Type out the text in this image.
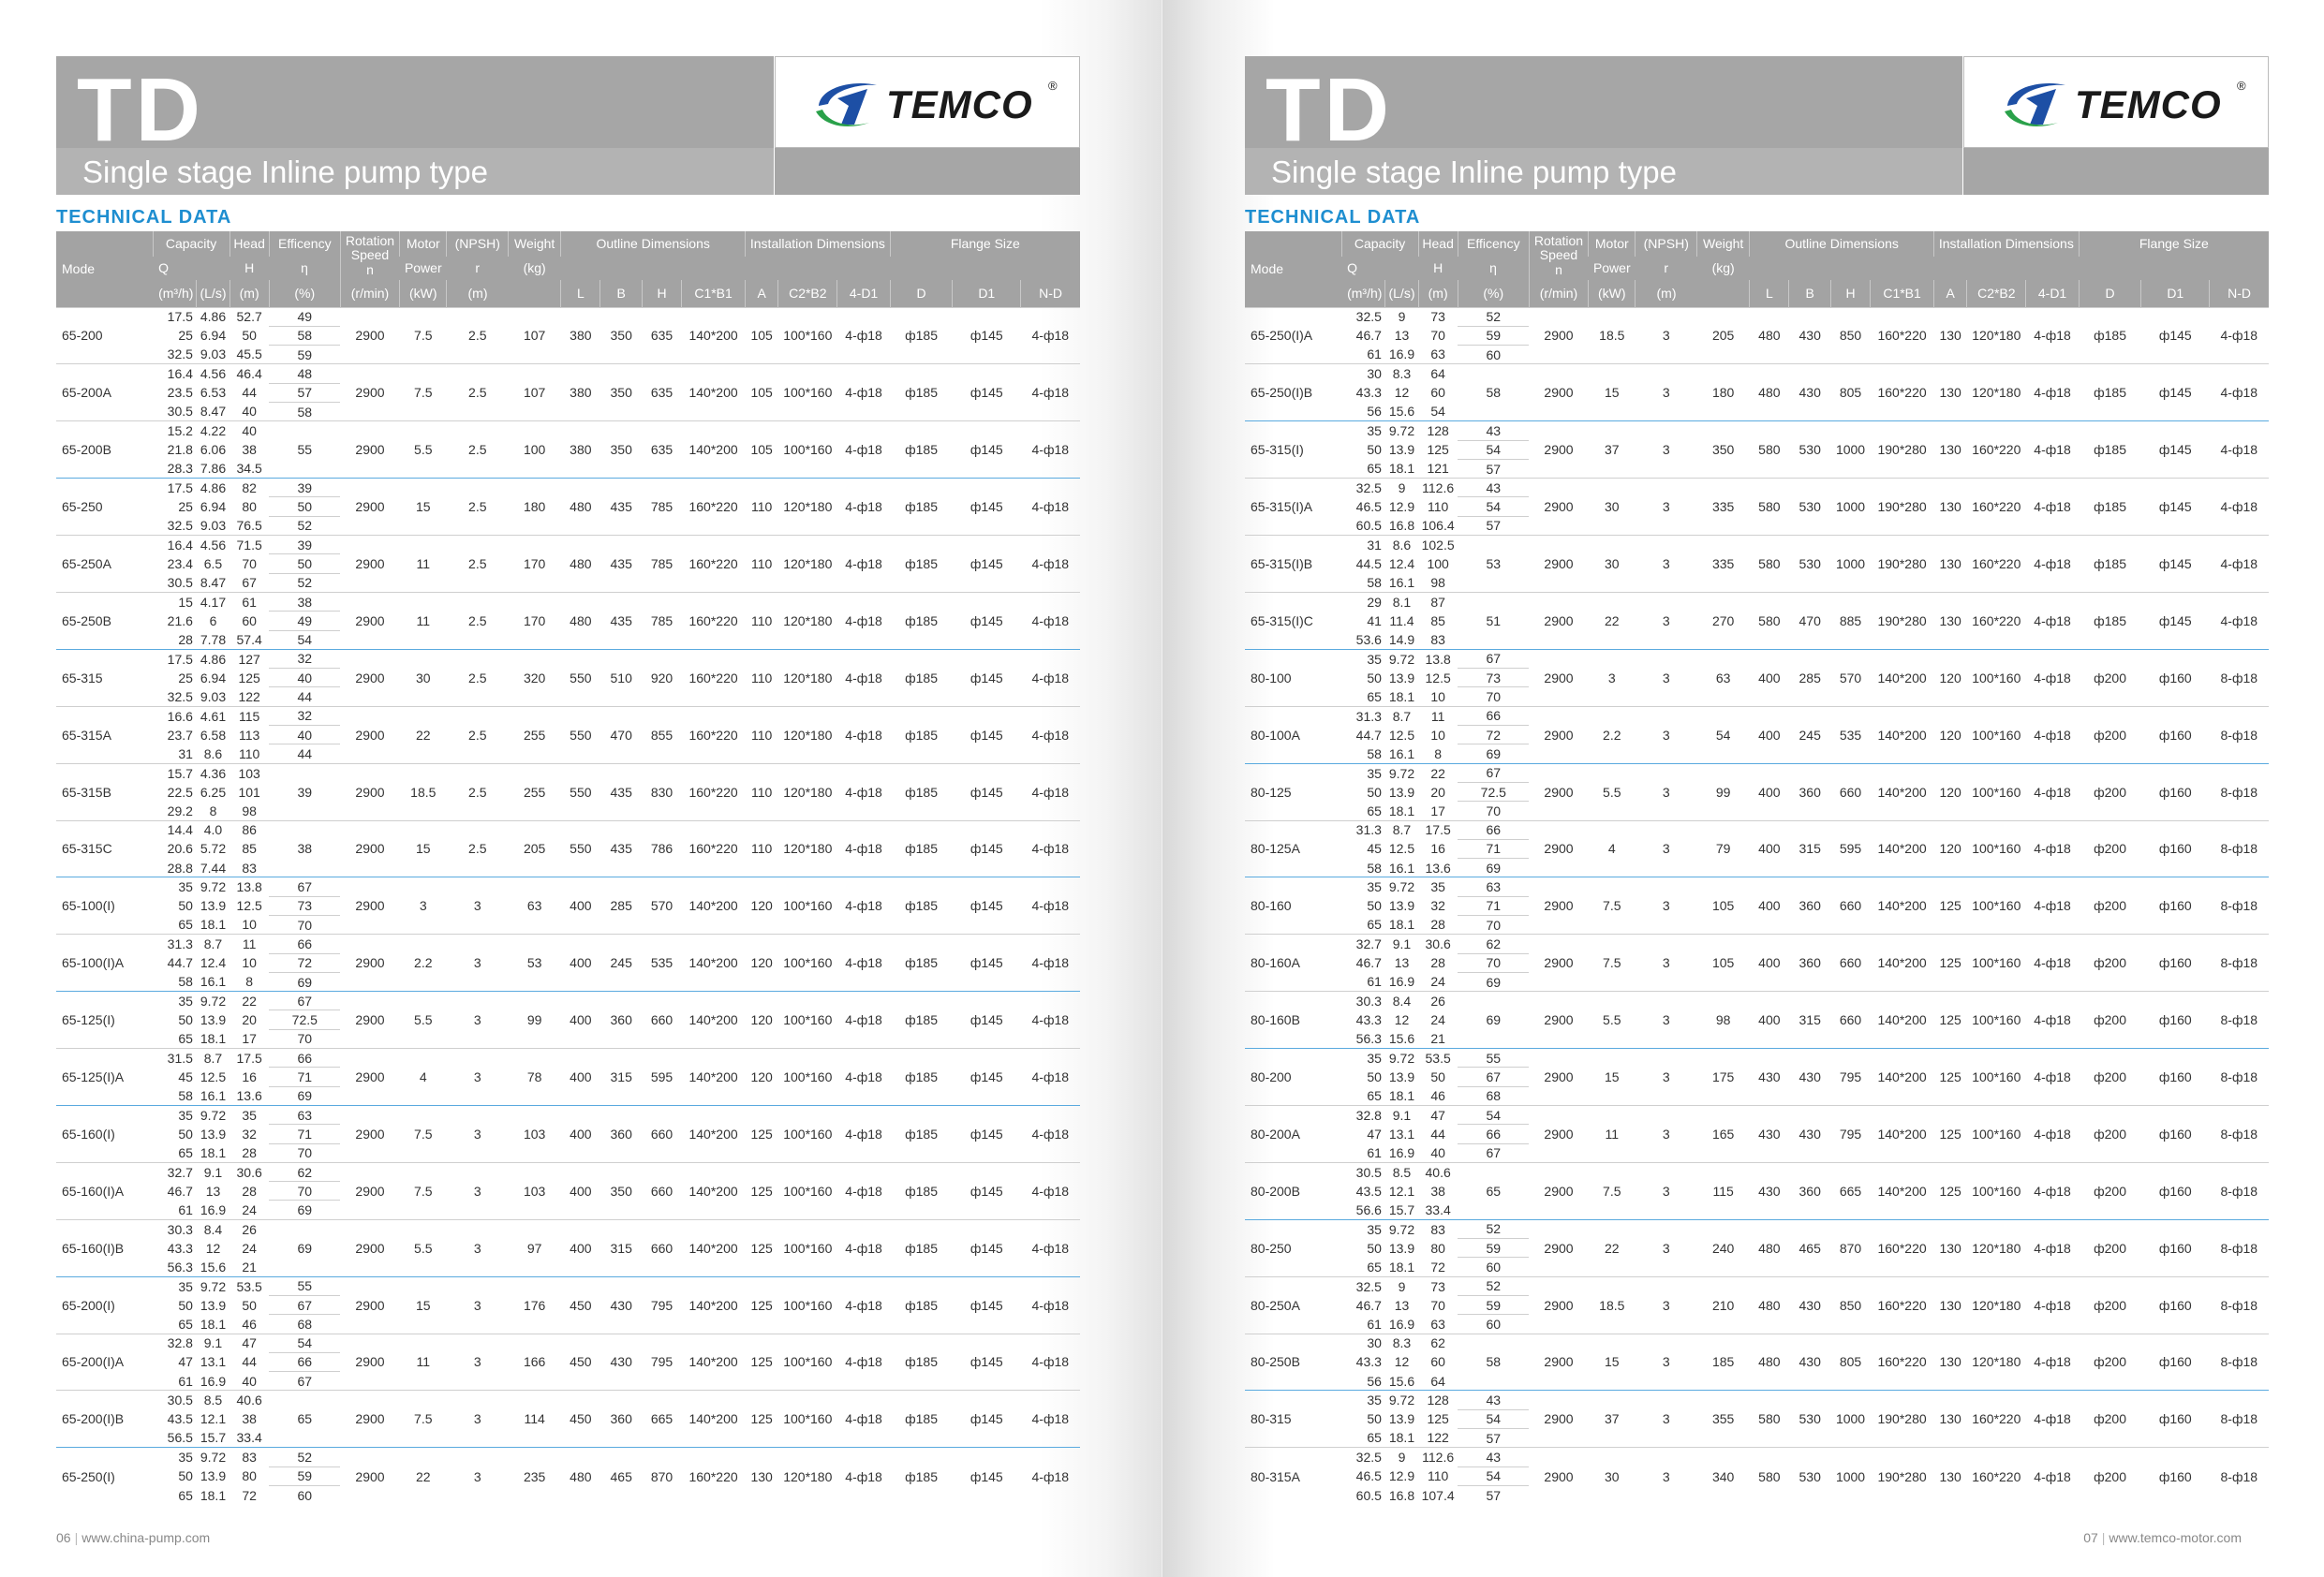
TD
Single stage Inline pump type
TEMCO ®
TECHNICAL DATA
Mode	Capacity		Head	Efficency	Rotation Speed
n	Motor	(NPSH)	Weight	Outline Dimensions				Installation Dimensions			Flange Size		
	Q		H	η		Power	r	(kg)										
	(m³/h)	(L/s)	(m)	(%)	(r/min)	(kW)	(m)		L	B	H	C1*B1	A	C2*B2	4-D1	D	D1	N-D
65-200	17.5	4.86	52.7	49	2900	7.5	2.5	107	380	350	635	140*200	105	100*160	4-ф18	ф185	ф145	4-ф18
	25	6.94	50	58														
	32.5	9.03	45.5	59														
65-200A	16.4	4.56	46.4	48	2900	7.5	2.5	107	380	350	635	140*200	105	100*160	4-ф18	ф185	ф145	4-ф18
	23.5	6.53	44	57														
	30.5	8.47	40	58														
65-200B	15.2	4.22	40	55	2900	5.5	2.5	100	380	350	635	140*200	105	100*160	4-ф18	ф185	ф145	4-ф18
	21.8	6.06	38															
	28.3	7.86	34.5															
65-250	17.5	4.86	82	39	2900	15	2.5	180	480	435	785	160*220	110	120*180	4-ф18	ф185	ф145	4-ф18
	25	6.94	80	50														
	32.5	9.03	76.5	52														
65-250A	16.4	4.56	71.5	39	2900	11	2.5	170	480	435	785	160*220	110	120*180	4-ф18	ф185	ф145	4-ф18
	23.4	6.5	70	50														
	30.5	8.47	67	52														
65-250B	15	4.17	61	38	2900	11	2.5	170	480	435	785	160*220	110	120*180	4-ф18	ф185	ф145	4-ф18
	21.6	6	60	49														
	28	7.78	57.4	54														
65-315	17.5	4.86	127	32	2900	30	2.5	320	550	510	920	160*220	110	120*180	4-ф18	ф185	ф145	4-ф18
	25	6.94	125	40														
	32.5	9.03	122	44														
65-315A	16.6	4.61	115	32	2900	22	2.5	255	550	470	855	160*220	110	120*180	4-ф18	ф185	ф145	4-ф18
	23.7	6.58	113	40														
	31	8.6	110	44														
65-315B	15.7	4.36	103	39	2900	18.5	2.5	255	550	435	830	160*220	110	120*180	4-ф18	ф185	ф145	4-ф18
	22.5	6.25	101															
	29.2	8	98															
65-315C	14.4	4.0	86	38	2900	15	2.5	205	550	435	786	160*220	110	120*180	4-ф18	ф185	ф145	4-ф18
	20.6	5.72	85															
	28.8	7.44	83															
65-100(I)	35	9.72	13.8	67	2900	3	3	63	400	285	570	140*200	120	100*160	4-ф18	ф185	ф145	4-ф18
	50	13.9	12.5	73														
	65	18.1	10	70														
65-100(I)A	31.3	8.7	11	66	2900	2.2	3	53	400	245	535	140*200	120	100*160	4-ф18	ф185	ф145	4-ф18
	44.7	12.4	10	72														
	58	16.1	8	69														
65-125(I)	35	9.72	22	67	2900	5.5	3	99	400	360	660	140*200	120	100*160	4-ф18	ф185	ф145	4-ф18
	50	13.9	20	72.5														
	65	18.1	17	70														
65-125(I)A	31.5	8.7	17.5	66	2900	4	3	78	400	315	595	140*200	120	100*160	4-ф18	ф185	ф145	4-ф18
	45	12.5	16	71														
	58	16.1	13.6	69														
65-160(I)	35	9.72	35	63	2900	7.5	3	103	400	360	660	140*200	125	100*160	4-ф18	ф185	ф145	4-ф18
	50	13.9	32	71														
	65	18.1	28	70														
65-160(I)A	32.7	9.1	30.6	62	2900	7.5	3	103	400	350	660	140*200	125	100*160	4-ф18	ф185	ф145	4-ф18
	46.7	13	28	70														
	61	16.9	24	69														
65-160(I)B	30.3	8.4	26	69	2900	5.5	3	97	400	315	660	140*200	125	100*160	4-ф18	ф185	ф145	4-ф18
	43.3	12	24															
	56.3	15.6	21															
65-200(I)	35	9.72	53.5	55	2900	15	3	176	450	430	795	140*200	125	100*160	4-ф18	ф185	ф145	4-ф18
	50	13.9	50	67														
	65	18.1	46	68														
65-200(I)A	32.8	9.1	47	54	2900	11	3	166	450	430	795	140*200	125	100*160	4-ф18	ф185	ф145	4-ф18
	47	13.1	44	66														
	61	16.9	40	67														
65-200(I)B	30.5	8.5	40.6	65	2900	7.5	3	114	450	360	665	140*200	125	100*160	4-ф18	ф185	ф145	4-ф18
	43.5	12.1	38															
	56.5	15.7	33.4															
65-250(I)	35	9.72	83	52	2900	22	3	235	480	465	870	160*220	130	120*180	4-ф18	ф185	ф145	4-ф18
	50	13.9	80	59														
	65	18.1	72	60														
06 | www.china-pump.com
TD
Single stage Inline pump type
TEMCO ®
TECHNICAL DATA
Mode	Capacity		Head	Efficency	Rotation Speed
n	Motor	(NPSH)	Weight	Outline Dimensions				Installation Dimensions			Flange Size		
	Q		H	η		Power	r	(kg)										
	(m³/h)	(L/s)	(m)	(%)	(r/min)	(kW)	(m)		L	B	H	C1*B1	A	C2*B2	4-D1	D	D1	N-D
65-250(I)A	32.5	9	73	52	2900	18.5	3	205	480	430	850	160*220	130	120*180	4-ф18	ф185	ф145	4-ф18
	46.7	13	70	59														
	61	16.9	63	60														
65-250(I)B	30	8.3	64	58	2900	15	3	180	480	430	805	160*220	130	120*180	4-ф18	ф185	ф145	4-ф18
	43.3	12	60															
	56	15.6	54															
65-315(I)	35	9.72	128	43	2900	37	3	350	580	530	1000	190*280	130	160*220	4-ф18	ф185	ф145	4-ф18
	50	13.9	125	54														
	65	18.1	121	57														
65-315(I)A	32.5	9	112.6	43	2900	30	3	335	580	530	1000	190*280	130	160*220	4-ф18	ф185	ф145	4-ф18
	46.5	12.9	110	54														
	60.5	16.8	106.4	57														
65-315(I)B	31	8.6	102.5	53	2900	30	3	335	580	530	1000	190*280	130	160*220	4-ф18	ф185	ф145	4-ф18
	44.5	12.4	100															
	58	16.1	98															
65-315(I)C	29	8.1	87	51	2900	22	3	270	580	470	885	190*280	130	160*220	4-ф18	ф185	ф145	4-ф18
	41	11.4	85															
	53.6	14.9	83															
80-100	35	9.72	13.8	67	2900	3	3	63	400	285	570	140*200	120	100*160	4-ф18	ф200	ф160	8-ф18
	50	13.9	12.5	73														
	65	18.1	10	70														
80-100A	31.3	8.7	11	66	2900	2.2	3	54	400	245	535	140*200	120	100*160	4-ф18	ф200	ф160	8-ф18
	44.7	12.5	10	72														
	58	16.1	8	69														
80-125	35	9.72	22	67	2900	5.5	3	99	400	360	660	140*200	120	100*160	4-ф18	ф200	ф160	8-ф18
	50	13.9	20	72.5														
	65	18.1	17	70														
80-125A	31.3	8.7	17.5	66	2900	4	3	79	400	315	595	140*200	120	100*160	4-ф18	ф200	ф160	8-ф18
	45	12.5	16	71														
	58	16.1	13.6	69														
80-160	35	9.72	35	63	2900	7.5	3	105	400	360	660	140*200	125	100*160	4-ф18	ф200	ф160	8-ф18
	50	13.9	32	71														
	65	18.1	28	70														
80-160A	32.7	9.1	30.6	62	2900	7.5	3	105	400	360	660	140*200	125	100*160	4-ф18	ф200	ф160	8-ф18
	46.7	13	28	70														
	61	16.9	24	69														
80-160B	30.3	8.4	26	69	2900	5.5	3	98	400	315	660	140*200	125	100*160	4-ф18	ф200	ф160	8-ф18
	43.3	12	24															
	56.3	15.6	21															
80-200	35	9.72	53.5	55	2900	15	3	175	430	430	795	140*200	125	100*160	4-ф18	ф200	ф160	8-ф18
	50	13.9	50	67														
	65	18.1	46	68														
80-200A	32.8	9.1	47	54	2900	11	3	165	430	430	795	140*200	125	100*160	4-ф18	ф200	ф160	8-ф18
	47	13.1	44	66														
	61	16.9	40	67														
80-200B	30.5	8.5	40.6	65	2900	7.5	3	115	430	360	665	140*200	125	100*160	4-ф18	ф200	ф160	8-ф18
	43.5	12.1	38															
	56.6	15.7	33.4															
80-250	35	9.72	83	52	2900	22	3	240	480	465	870	160*220	130	120*180	4-ф18	ф200	ф160	8-ф18
	50	13.9	80	59														
	65	18.1	72	60														
80-250A	32.5	9	73	52	2900	18.5	3	210	480	430	850	160*220	130	120*180	4-ф18	ф200	ф160	8-ф18
	46.7	13	70	59														
	61	16.9	63	60														
80-250B	30	8.3	62	58	2900	15	3	185	480	430	805	160*220	130	120*180	4-ф18	ф200	ф160	8-ф18
	43.3	12	60															
	56	15.6	64															
80-315	35	9.72	128	43	2900	37	3	355	580	530	1000	190*280	130	160*220	4-ф18	ф200	ф160	8-ф18
	50	13.9	125	54														
	65	18.1	122	57														
80-315A	32.5	9	112.6	43	2900	30	3	340	580	530	1000	190*280	130	160*220	4-ф18	ф200	ф160	8-ф18
	46.5	12.9	110	54														
	60.5	16.8	107.4	57														
07 | www.temco-motor.com
